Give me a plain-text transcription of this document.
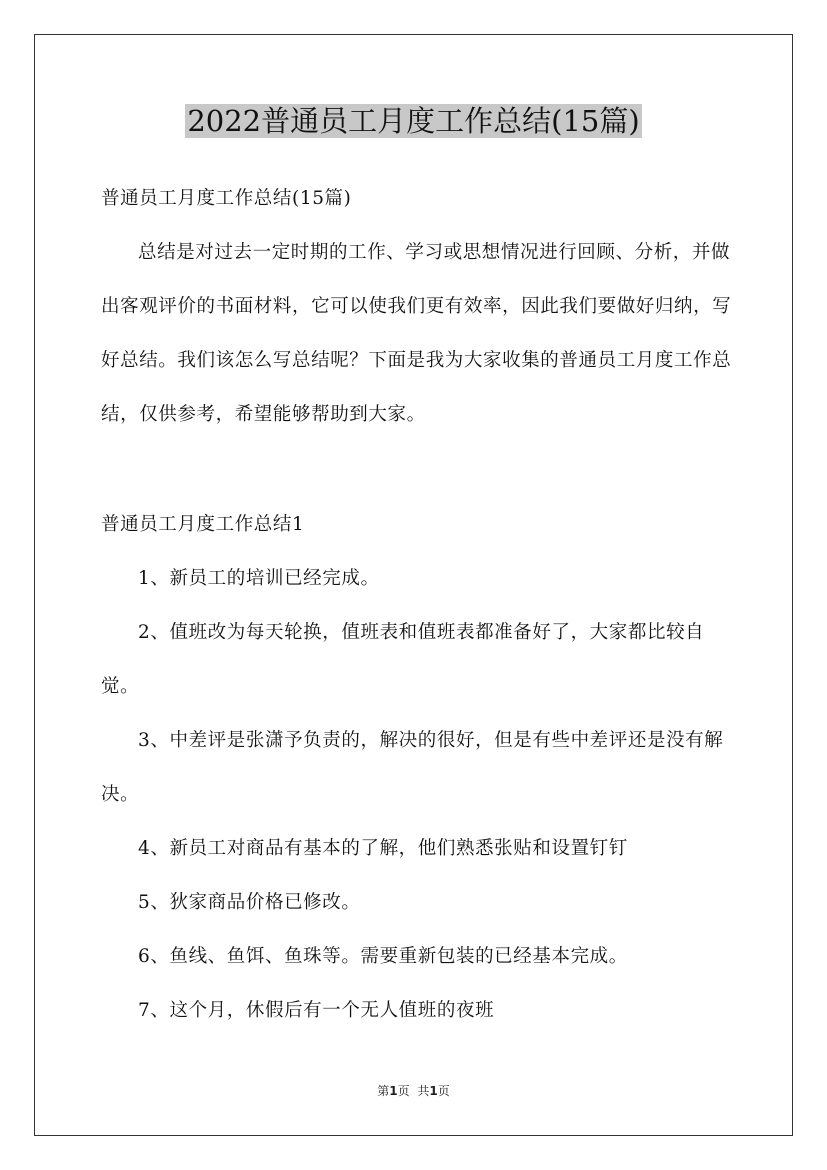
2022普通员工月度工作总结(15篇)

普通员工月度工作总结(15篇)

总结是对过去一定时期的工作、学习或思想情况进行回顾、分析，并做出客观评价的书面材料，它可以使我们更有效率，因此我们要做好归纳，写好总结。我们该怎么写总结呢？下面是我为大家收集的普通员工月度工作总结，仅供参考，希望能够帮助到大家。

普通员工月度工作总结1

1、新员工的培训已经完成。

2、值班改为每天轮换，值班表和值班表都准备好了，大家都比较自觉。

3、中差评是张潇予负责的，解决的很好，但是有些中差评还是没有解决。

4、新员工对商品有基本的了解，他们熟悉张贴和设置钉钉

5、狄家商品价格已修改。

6、鱼线、鱼饵、鱼珠等。需要重新包装的已经基本完成。

7、这个月，休假后有一个无人值班的夜班

第1页 共1页
